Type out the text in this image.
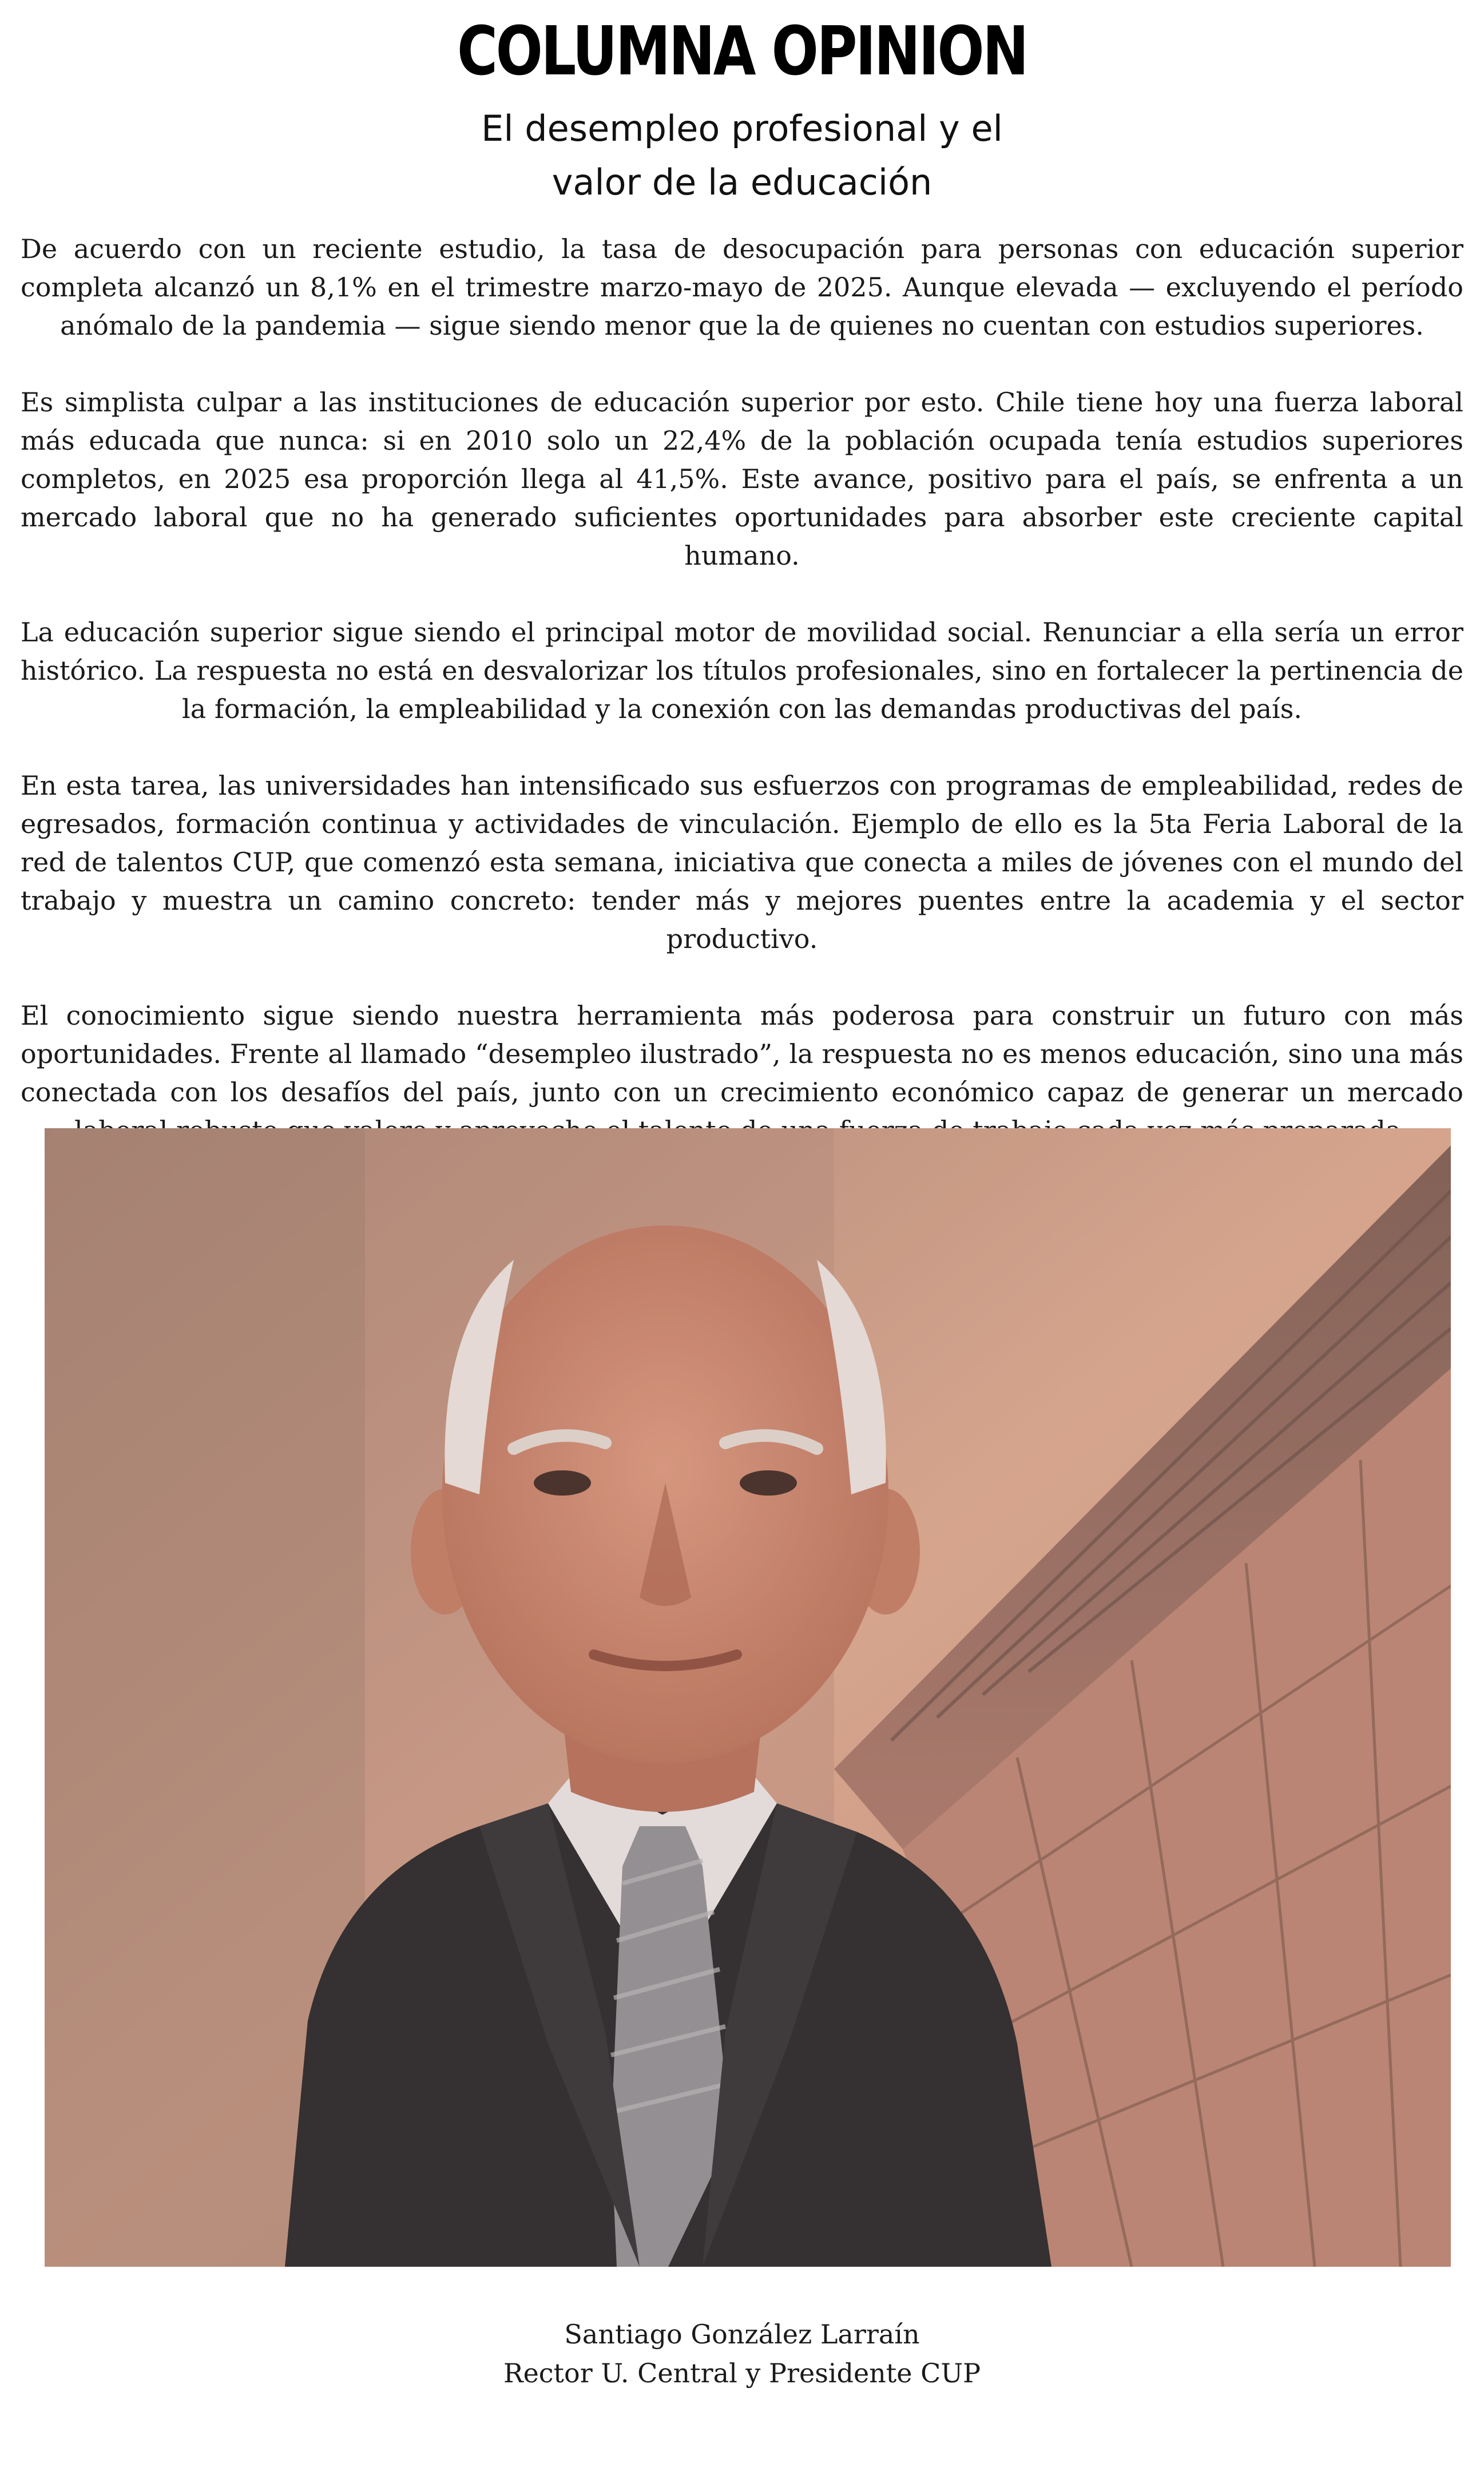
COLUMNA OPINION
El desempleo profesional y el
valor de la educación

De acuerdo con un reciente estudio, la tasa de desocupación para personas con educación superior completa alcanzó un 8,1% en el trimestre marzo-mayo de 2025. Aunque elevada — excluyendo el período anómalo de la pandemia — sigue siendo menor que la de quienes no cuentan con estudios superiores.

Es simplista culpar a las instituciones de educación superior por esto. Chile tiene hoy una fuerza laboral más educada que nunca: si en 2010 solo un 22,4% de la población ocupada tenía estudios superiores completos, en 2025 esa proporción llega al 41,5%. Este avance, positivo para el país, se enfrenta a un mercado laboral que no ha generado suficientes oportunidades para absorber este creciente capital humano.

La educación superior sigue siendo el principal motor de movilidad social. Renunciar a ella sería un error histórico. La respuesta no está en desvalorizar los títulos profesionales, sino en fortalecer la pertinencia de la formación, la empleabilidad y la conexión con las demandas productivas del país.

En esta tarea, las universidades han intensificado sus esfuerzos con programas de empleabilidad, redes de egresados, formación continua y actividades de vinculación. Ejemplo de ello es la 5ta Feria Laboral de la red de talentos CUP, que comenzó esta semana, iniciativa que conecta a miles de jóvenes con el mundo del trabajo y muestra un camino concreto: tender más y mejores puentes entre la academia y el sector productivo.

El conocimiento sigue siendo nuestra herramienta más poderosa para construir un futuro con más oportunidades. Frente al llamado “desempleo ilustrado”, la respuesta no es menos educación, sino una más conectada con los desafíos del país, junto con un crecimiento económico capaz de generar un mercado

Santiago González Larraín
Rector U. Central y Presidente CUP
